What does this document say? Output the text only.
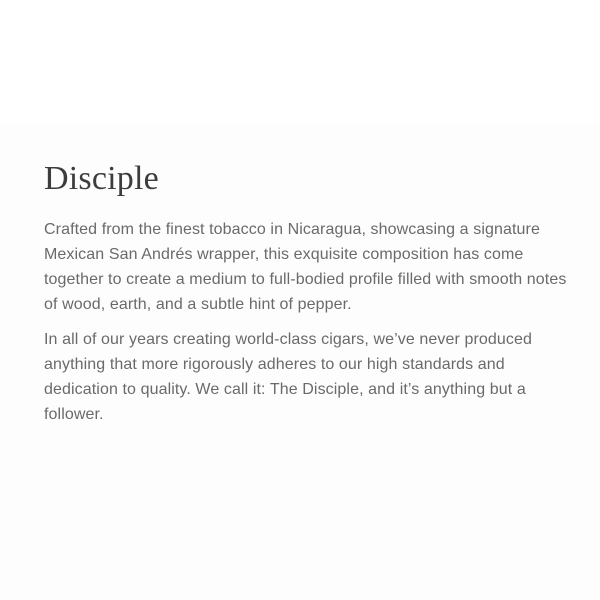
Disciple

Crafted from the finest tobacco in Nicaragua, showcasing a signature
Mexican San Andrés wrapper, this exquisite composition has come
together to create a medium to full-bodied profile filled with smooth notes
of wood, earth, and a subtle hint of pepper.

In all of our years creating world-class cigars, we’ve never produced
anything that more rigorously adheres to our high standards and
dedication to quality. We call it: The Disciple, and it’s anything but a
follower.
